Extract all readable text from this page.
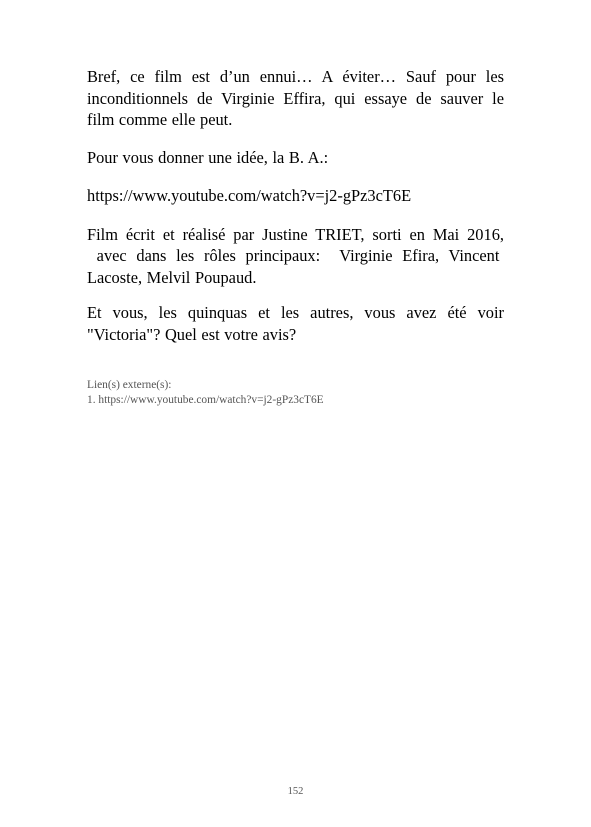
Bref, ce film est d’un ennui… A éviter… Sauf pour les
inconditionnels de Virginie Effira, qui essaye de sauver le
film comme elle peut.

Pour vous donner une idée, la B. A.:

https://www.youtube.com/watch?v=j2-gPz3cT6E

Film écrit et réalisé par Justine TRIET, sorti en Mai 2016,
avec dans les rôles principaux:  Virginie Efira, Vincent
Lacoste, Melvil Poupaud.
Et vous, les quinquas et les autres, vous avez été voir
"Victoria"? Quel est votre avis?
Lien(s) externe(s):
1. https://www.youtube.com/watch?v=j2-gPz3cT6E
152
